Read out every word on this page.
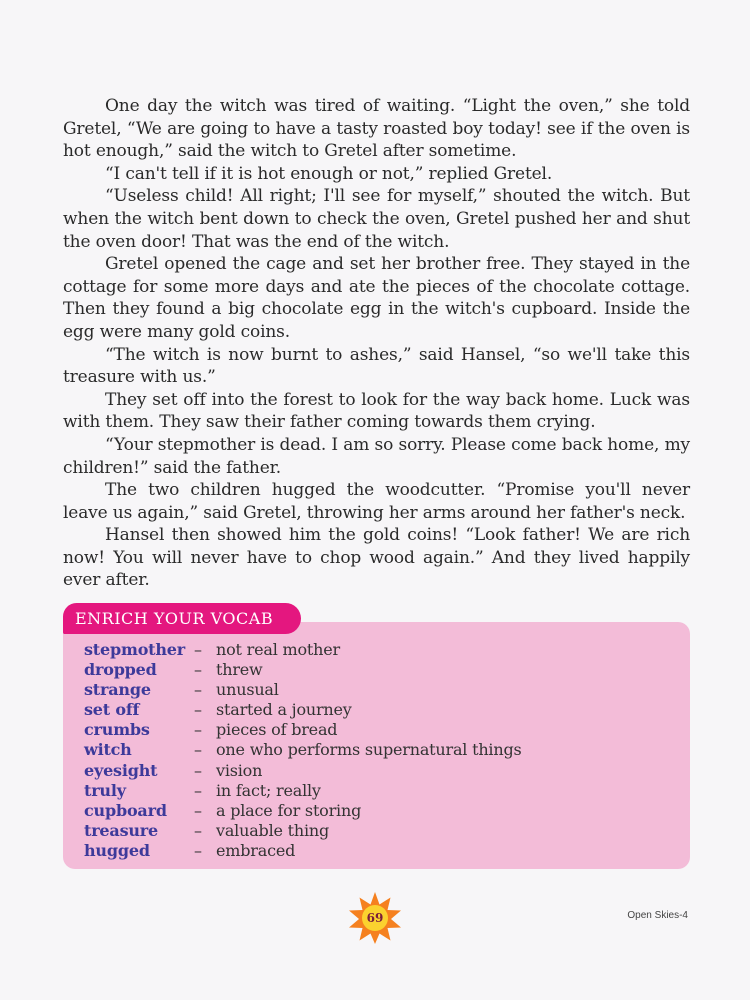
One day the witch was tired of waiting. “Light the oven,” she told Gretel, “We are going to have a tasty roasted boy today! see if the oven is hot enough,” said the witch to Gretel after sometime.

“I can't tell if it is hot enough or not,” replied Gretel.

“Useless child! All right; I'll see for myself,” shouted the witch. But when the witch bent down to check the oven, Gretel pushed her and shut the oven door! That was the end of the witch.

Gretel opened the cage and set her brother free. They stayed in the cottage for some more days and ate the pieces of the chocolate cottage. Then they found a big chocolate egg in the witch's cupboard. Inside the egg were many gold coins.

“The witch is now burnt to ashes,” said Hansel, “so we'll take this treasure with us.”

They set off into the forest to look for the way back home. Luck was with them. They saw their father coming towards them crying.

“Your stepmother is dead. I am so sorry. Please come back home, my children!” said the father.

The two children hugged the woodcutter. “Promise you'll never leave us again,” said Gretel, throwing her arms around her father's neck.

Hansel then showed him the gold coins! “Look father! We are rich now! You will never have to chop wood again.” And they lived happily ever after.

ENRICH YOUR VOCAB
stepmother – not real mother
dropped – threw
strange	– unusual
set off	– started a journey
crumbs	– pieces of bread
witch	– one who performs supernatural things
eyesight – vision
truly	– in fact; really
cupboard – a place for storing
treasure – valuable thing
hugged	– embraced
69	Open Skies-4
